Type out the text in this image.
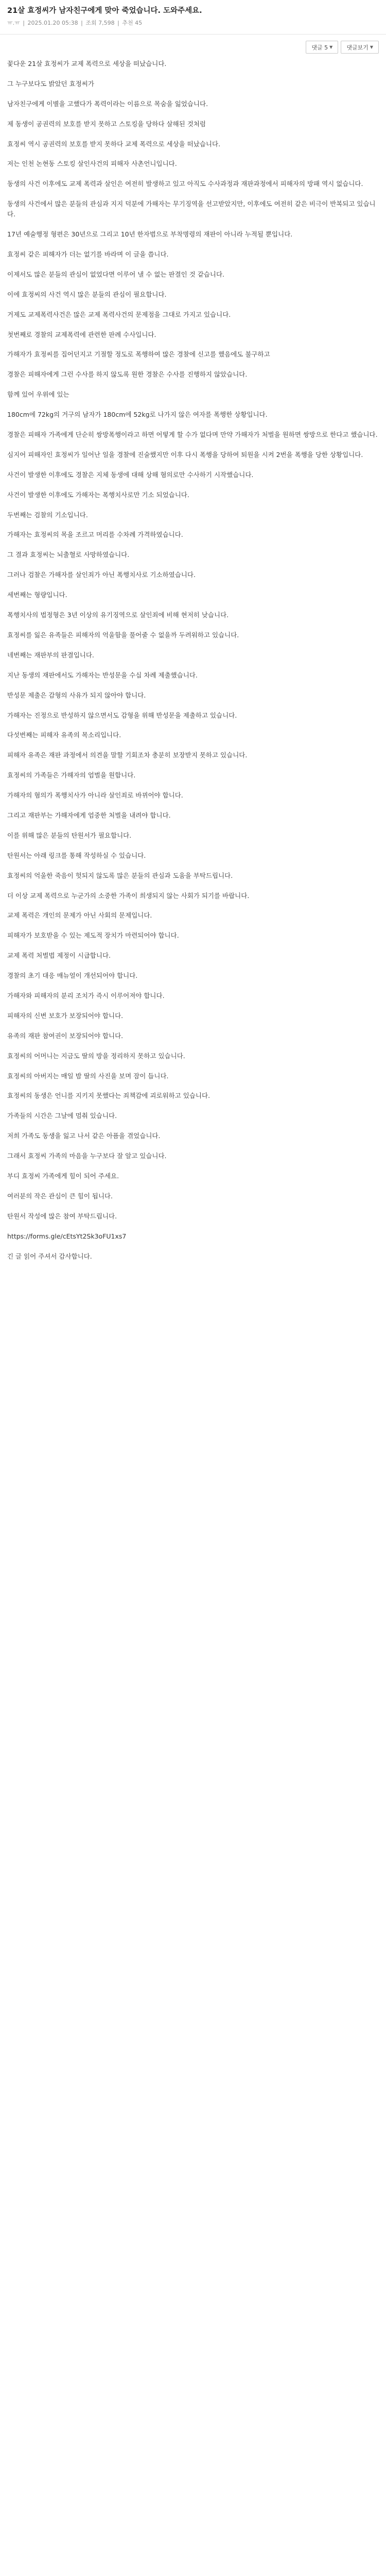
21살 효정씨가 남자친구에게 맞아 죽었습니다. 도와주세요.
ㅠ.ㅠ | 2025.01.20 05:38 | 조회 7,598 | 추천 45
댓글 5 ▼ 댓글보기 ▼

꽃다운 21살 효정씨가 교제 폭력으로 세상을 떠났습니다.

그 누구보다도 밝았던 효정씨가

남자친구에게 이별을 고했다가 폭력이라는 이름으로 목숨을 잃었습니다.

제 동생이 공권력의 보호를 받지 못하고 스토킹을 당하다 살해된 것처럼

효정씨 역시 공권력의 보호를 받지 못하다 교제 폭력으로 세상을 떠났습니다.

저는 인천 논현동 스토킹 살인사건의 피해자 사촌언니입니다.

동생의 사건 이후에도 교제 폭력과 살인은 여전히 발생하고 있고 아직도 수사과정과 재판과정에서 피해자의 방패 역시 없습니다.

동생의 사건에서 많은 분들의 관심과 지지 덕분에 가해자는 무기징역을 선고받았지만, 이후에도 여전히 같은 비극이 반복되고 있습니다.

17년 예술행정 형편은 30년으로 그리고 10년 한자범으로 부착명령의 재판이 아니라 누적될 뿐입니다.

효정씨 같은 피해자가 더는 없기를 바라며 이 글을 씁니다.

이제서도 많은 분들의 관심이 없었다면 이루어 낼 수 없는 판결인 것 같습니다.

이에 효정씨의 사건 역시 많은 분들의 관심이 필요합니다.

거제도 교제폭력사건은 많은 교제 폭력사건의 문제점을 그대로 가지고 있습니다.

첫번째로 경찰의 교제폭력에 관련한 판례 수사입니다.

가해자가 효정씨를 집어던지고 기절할 정도로 폭행하여 많은 경찰에 신고를 했음에도 불구하고

경찰은 피해자에게 그런 수사를 하지 않도록 원한 경찰은 수사를 진행하지 않았습니다.

함께 있어 우위에 있는

180cm에 72kg의 거구의 남자가 180cm에 52kg로 나가지 않은 여자를 폭행한 상황입니다.

경찰은 피해자 가족에게 단순히 쌍방폭행이라고 하면 어떻게 할 수가 없다며 만약 가해자가 처벌을 원하면 쌍방으로 한다고 했습니다.

심지어 피해자인 효정씨가 일어난 일을 경찰에 진술했지만 이후 다시 폭행을 당하여 퇴원을 시켜 2번을 폭행을 당한 상황입니다.

사건이 발생한 이후에도 경찰은 지체 동생에 대해 상해 혐의로만 수사하기 시작했습니다.

사건이 발생한 이후에도 가해자는 폭행치사로만 기소 되었습니다.

두번째는 검찰의 기소입니다.

가해자는 효정씨의 목을 조르고 머리를 수차례 가격하였습니다.

그 결과 효정씨는 뇌출혈로 사망하였습니다.

그러나 검찰은 가해자를 살인죄가 아닌 폭행치사로 기소하였습니다.

세번째는 형량입니다.

폭행치사의 법정형은 3년 이상의 유기징역으로 살인죄에 비해 현저히 낮습니다.

효정씨를 잃은 유족들은 피해자의 억울함을 풀어줄 수 없을까 두려워하고 있습니다.

네번째는 재판부의 판결입니다.

지난 동생의 재판에서도 가해자는 반성문을 수십 차례 제출했습니다.

반성문 제출은 감형의 사유가 되지 않아야 합니다.

가해자는 진정으로 반성하지 않으면서도 감형을 위해 반성문을 제출하고 있습니다.

다섯번째는 피해자 유족의 목소리입니다.

피해자 유족은 재판 과정에서 의견을 말할 기회조차 충분히 보장받지 못하고 있습니다.

효정씨의 가족들은 가해자의 엄벌을 원합니다.

가해자의 혐의가 폭행치사가 아니라 살인죄로 바뀌어야 합니다.

그리고 재판부는 가해자에게 엄중한 처벌을 내려야 합니다.

이를 위해 많은 분들의 탄원서가 필요합니다.

탄원서는 아래 링크를 통해 작성하실 수 있습니다.

효정씨의 억울한 죽음이 헛되지 않도록 많은 분들의 관심과 도움을 부탁드립니다.

더 이상 교제 폭력으로 누군가의 소중한 가족이 희생되지 않는 사회가 되기를 바랍니다.

교제 폭력은 개인의 문제가 아닌 사회의 문제입니다.

피해자가 보호받을 수 있는 제도적 장치가 마련되어야 합니다.

교제 폭력 처벌법 제정이 시급합니다.

경찰의 초기 대응 매뉴얼이 개선되어야 합니다.

가해자와 피해자의 분리 조치가 즉시 이루어져야 합니다.

피해자의 신변 보호가 보장되어야 합니다.

유족의 재판 참여권이 보장되어야 합니다.

효정씨의 어머니는 지금도 딸의 방을 정리하지 못하고 있습니다.

효정씨의 아버지는 매일 밤 딸의 사진을 보며 잠이 듭니다.

효정씨의 동생은 언니를 지키지 못했다는 죄책감에 괴로워하고 있습니다.

가족들의 시간은 그날에 멈춰 있습니다.

저희 가족도 동생을 잃고 나서 같은 아픔을 겪었습니다.

그래서 효정씨 가족의 마음을 누구보다 잘 알고 있습니다.

부디 효정씨 가족에게 힘이 되어 주세요.

여러분의 작은 관심이 큰 힘이 됩니다.

탄원서 작성에 많은 참여 부탁드립니다.

https://forms.gle/cEtsYt2Sk3oFU1xs7

긴 글 읽어 주셔서 감사합니다.
